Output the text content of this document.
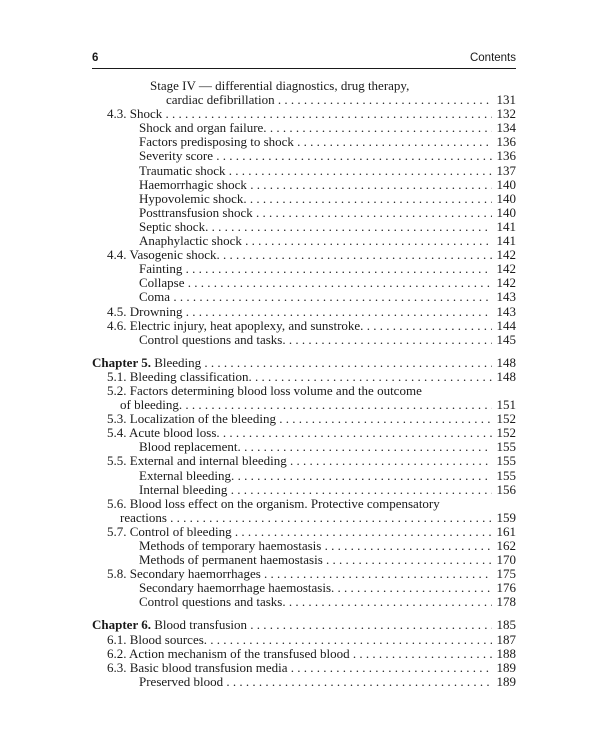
6	Contents
Stage IV — differential diagnostics, drug therapy,
cardiac defibrillation . . .	131
4.3. Shock . . .	132
Shock and organ failure. . . .	134
Factors predisposing to shock . . .	136
Severity score . . .	136
Traumatic shock . . .	137
Haemorrhagic shock . . .	140
Hypovolemic shock. . . .	140
Posttransfusion shock . . .	140
Septic shock. . . .	141
Anaphylactic shock . . .	141
4.4. Vasogenic shock. . . .	142
Fainting . . .	142
Collapse . . .	142
Coma . . .	143
4.5. Drowning . . .	143
4.6. Electric injury, heat apoplexy, and sunstroke. . . .	144
Control questions and tasks. . . .	145
Chapter 5. Bleeding . . .	148
5.1. Bleeding classification. . . .	148
5.2. Factors determining blood loss volume and the outcome
of bleeding. . . .	151
5.3. Localization of the bleeding . . .	152
5.4. Acute blood loss. . . .	152
Blood replacement. . . .	155
5.5. External and internal bleeding . . .	155
External bleeding. . . .	155
Internal bleeding . . .	156
5.6. Blood loss effect on the organism. Protective compensatory
reactions . . .	159
5.7. Control of bleeding . . .	161
Methods of temporary haemostasis . . .	162
Methods of permanent haemostasis . . .	170
5.8. Secondary haemorrhages . . .	175
Secondary haemorrhage haemostasis. . . .	176
Control questions and tasks. . . .	178
Chapter 6. Blood transfusion . . .	185
6.1. Blood sources. . . .	187
6.2. Action mechanism of the transfused blood . . .	188
6.3. Basic blood transfusion media . . .	189
Preserved blood . . .	189
